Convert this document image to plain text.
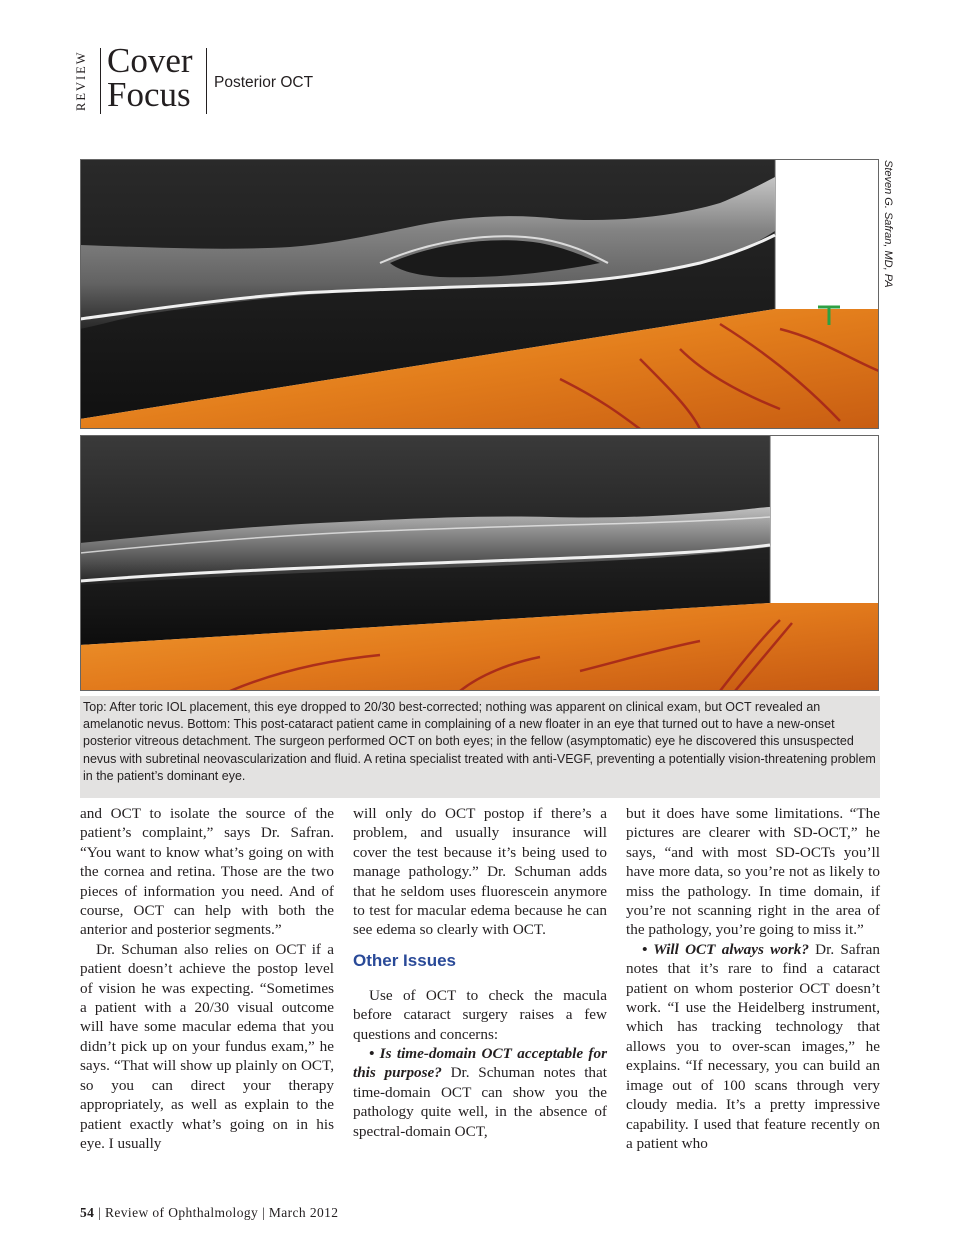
REVIEW Cover
Focus Posterior OCT
Steven G. Safran, MD, PA
Top: After toric IOL placement, this eye dropped to 20/30 best-corrected; nothing was apparent on clinical exam, but OCT revealed an amelanotic nevus. Bottom: This post-cataract patient came in complaining of a new floater in an eye that turned out to have a new-onset posterior vitreous detachment. The surgeon performed OCT on both eyes; in the fellow (asymptomatic) eye he discovered this unsuspected nevus with subretinal neovascularization and fluid. A retina specialist treated with anti-VEGF, preventing a potentially vision-threatening problem in the patient’s dominant eye.

and OCT to isolate the source of the patient’s complaint,” says Dr. Safran. “You want to know what’s going on with the cornea and retina. Those are the two pieces of information you need. And of course, OCT can help with both the anterior and posterior segments.”

Dr. Schuman also relies on OCT if a patient doesn’t achieve the postop level of vision he was expecting. “Sometimes a patient with a 20/30 visual outcome will have some macular edema that you didn’t pick up on your fundus exam,” he says. “That will show up plainly on OCT, so you can direct your therapy appropriately, as well as explain to the patient exactly what’s going on in his eye. I usually

will only do OCT postop if there’s a problem, and usually insurance will cover the test because it’s being used to manage pathology.” Dr. Schuman adds that he seldom uses fluorescein anymore to test for macular edema because he can see edema so clearly with OCT.

Other Issues

Use of OCT to check the macula before cataract surgery raises a few questions and concerns:

• Is time-domain OCT acceptable for this purpose? Dr. Schuman notes that time-domain OCT can show you the pathology quite well, in the absence of spectral-domain OCT,

but it does have some limitations. “The pictures are clearer with SD-OCT,” he says, “and with most SD-OCTs you’ll have more data, so you’re not as likely to miss the pathology. In time domain, if you’re not scanning right in the area of the pathology, you’re going to miss it.”

• Will OCT always work? Dr. Safran notes that it’s rare to find a cataract patient on whom posterior OCT doesn’t work. “I use the Heidelberg instrument, which has tracking technology that allows you to over-scan images,” he explains. “If necessary, you can build an image out of 100 scans through very cloudy media. It’s a pretty impressive capability. I used that feature recently on a patient who

54 | Review of Ophthalmology | March 2012
